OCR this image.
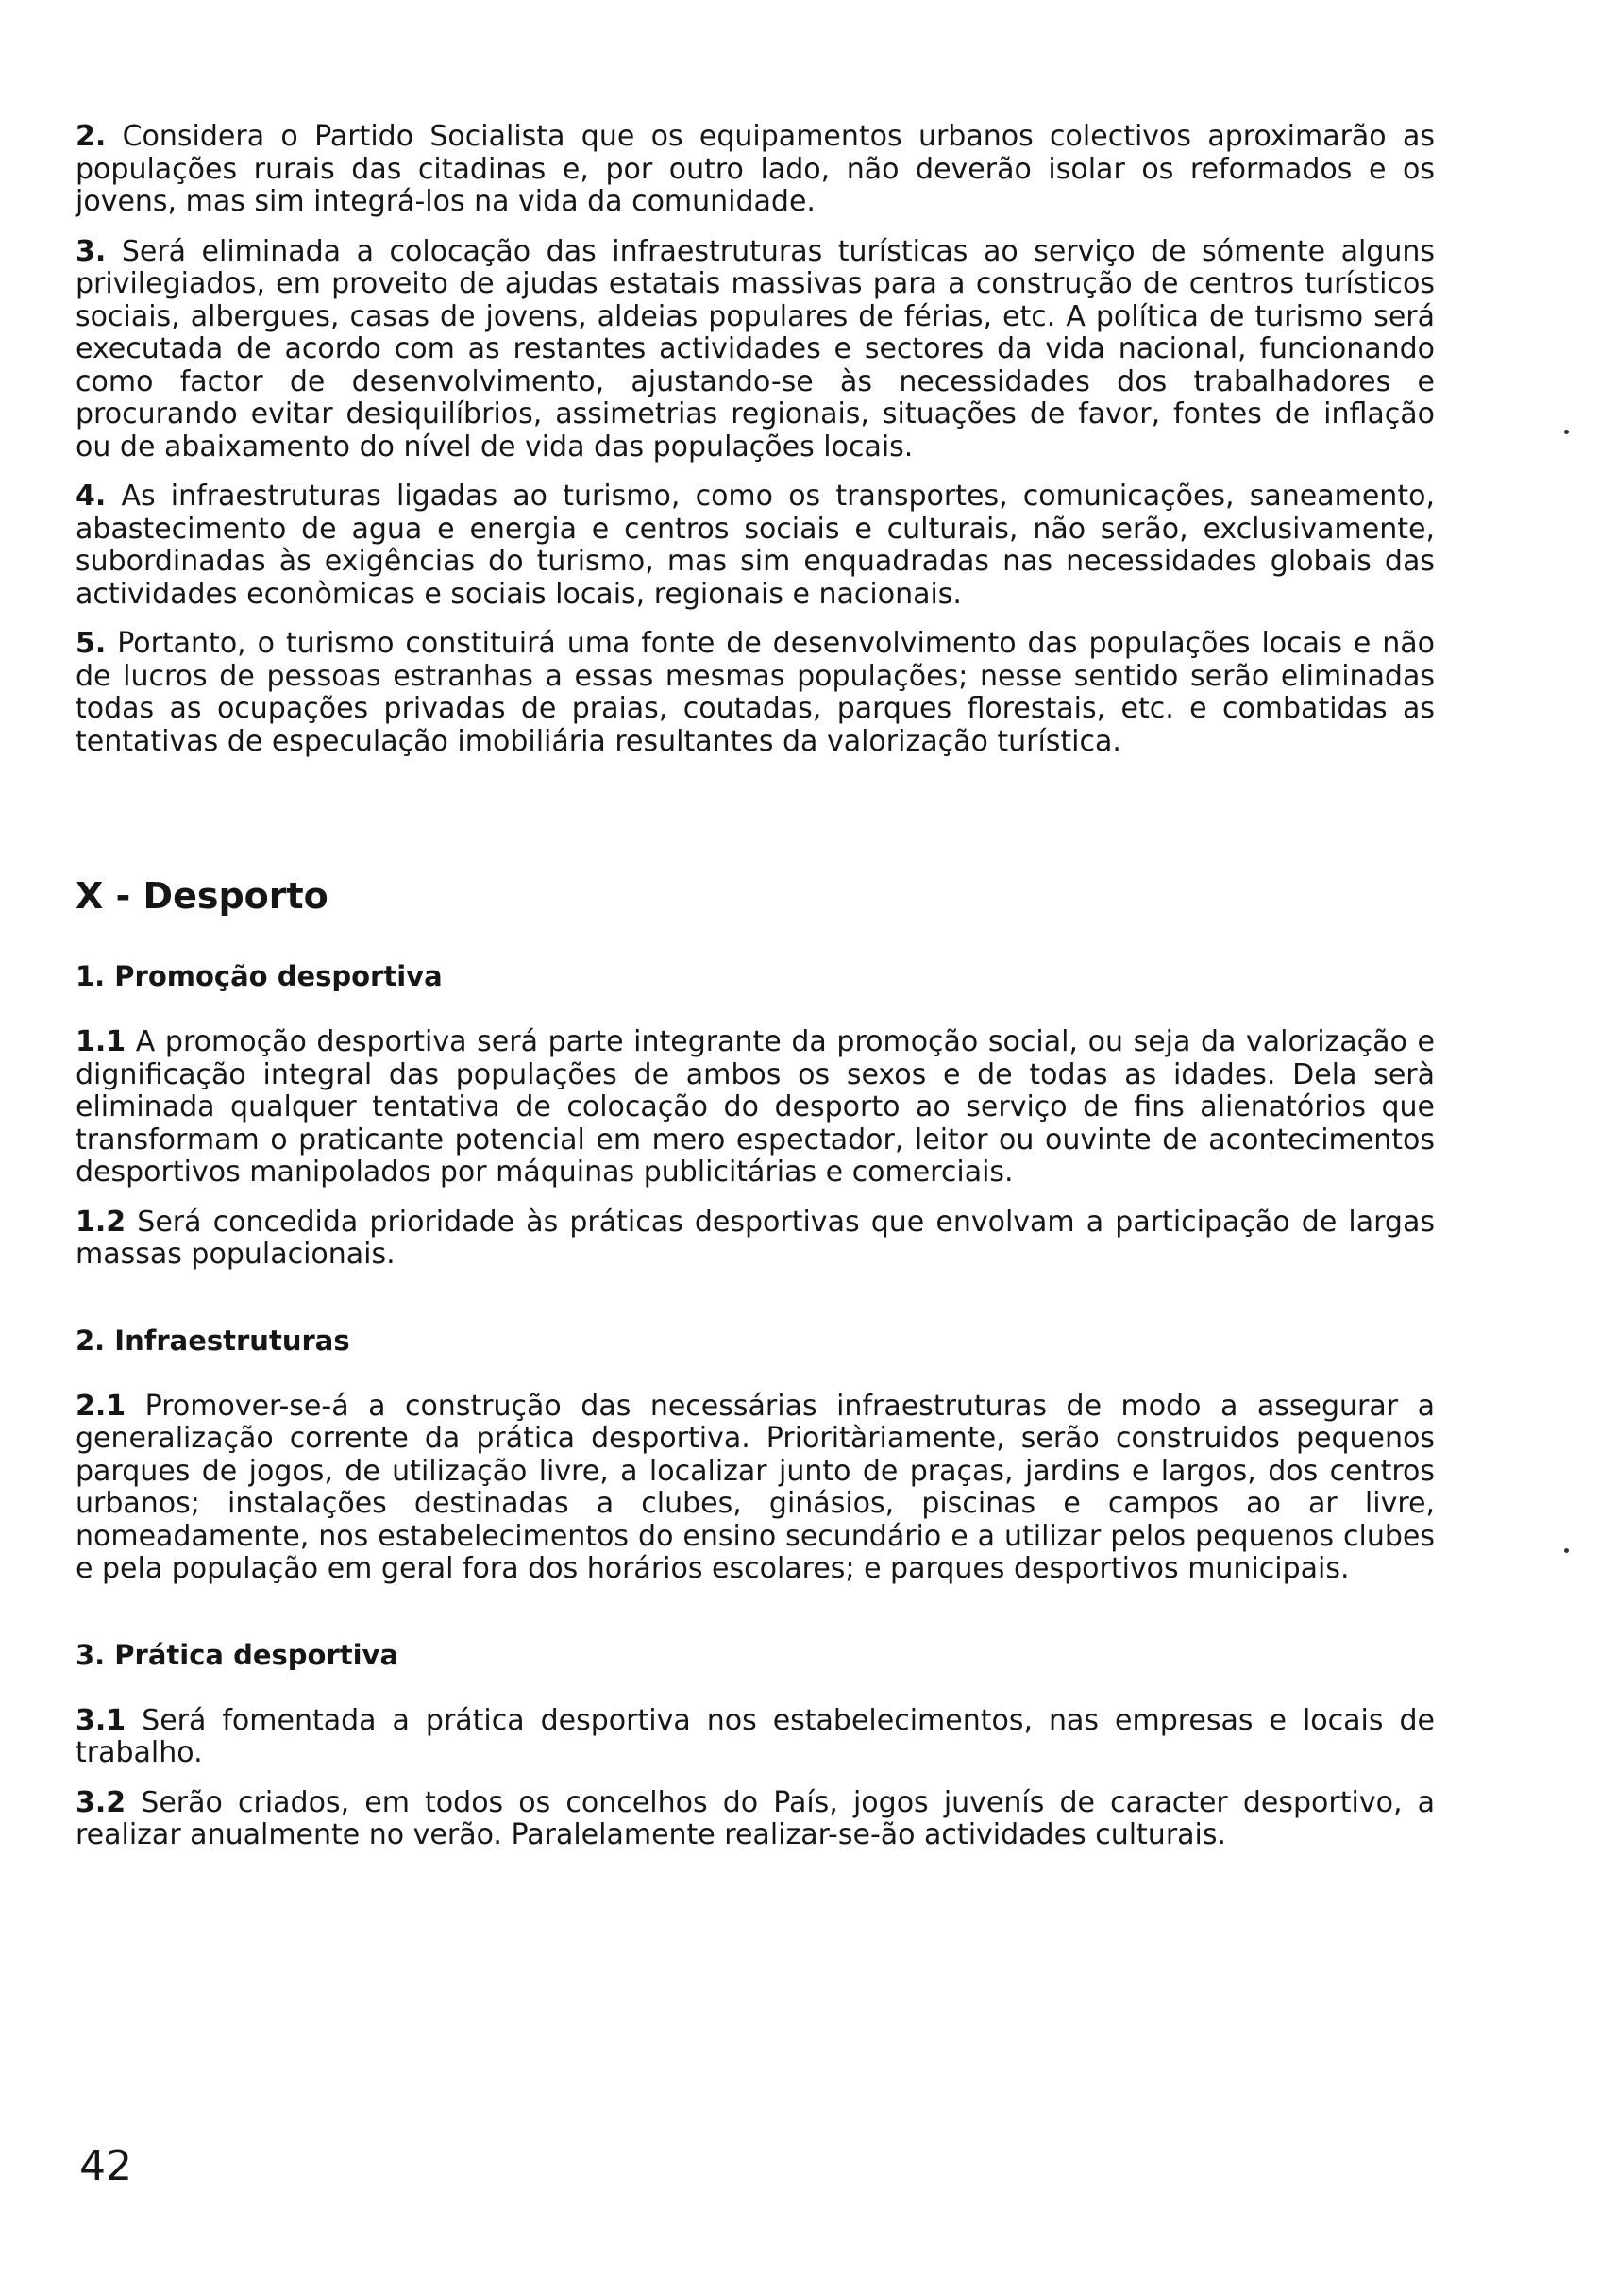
2. Considera o Partido Socialista que os equipamentos urbanos colectivos aproximarão as populações rurais das citadinas e, por outro lado, não deverão isolar os reformados e os jovens, mas sim integrá-los na vida da comunidade.

3. Será eliminada a colocação das infraestruturas turísticas ao serviço de sómente alguns privilegiados, em proveito de ajudas estatais massivas para a construção de centros turísticos sociais, albergues, casas de jovens, aldeias populares de férias, etc. A política de turismo será executada de acordo com as restantes actividades e sectores da vida nacional, funcionando como factor de desenvolvimento, ajustando-se às necessidades dos trabalhadores e procurando evitar desiquilíbrios, assimetrias regionais, situações de favor, fontes de inflação ou de abaixamento do nível de vida das populações locais.

4. As infraestruturas ligadas ao turismo, como os transportes, comunicações, saneamento, abastecimento de agua e energia e centros sociais e culturais, não serão, exclusivamente, subordinadas às exigências do turismo, mas sim enquadradas nas necessidades globais das actividades econòmicas e sociais locais, regionais e nacionais.

5. Portanto, o turismo constituirá uma fonte de desenvolvimento das populações locais e não de lucros de pessoas estranhas a essas mesmas populações; nesse sentido serão eliminadas todas as ocupações privadas de praias, coutadas, parques florestais, etc. e combatidas as tentativas de especulação imobiliária resultantes da valorização turística.

X - Desporto
1. Promoção desportiva

1.1 A promoção desportiva será parte integrante da promoção social, ou seja da valorização e dignificação integral das populações de ambos os sexos e de todas as idades. Dela serà eliminada qualquer tentativa de colocação do desporto ao serviço de fins alienatórios que transformam o praticante potencial em mero espectador, leitor ou ouvinte de acontecimentos desportivos manipolados por máquinas publicitárias e comerciais.

1.2 Será concedida prioridade às práticas desportivas que envolvam a participação de largas massas populacionais.

2. Infraestruturas

2.1 Promover-se-á a construção das necessárias infraestruturas de modo a assegurar a generalização corrente da prática desportiva. Prioritàriamente, serão construidos pequenos parques de jogos, de utilização livre, a localizar junto de praças, jardins e largos, dos centros urbanos; instalações destinadas a clubes, ginásios, piscinas e campos ao ar livre, nomeadamente, nos estabelecimentos do ensino secundário e a utilizar pelos pequenos clubes e pela população em geral fora dos horários escolares; e parques desportivos municipais.

3. Prática desportiva

3.1 Será fomentada a prática desportiva nos estabelecimentos, nas empresas e locais de trabalho.

3.2 Serão criados, em todos os concelhos do País, jogos juvenís de caracter desportivo, a realizar anualmente no verão. Paralelamente realizar-se-ão actividades culturais.

42
